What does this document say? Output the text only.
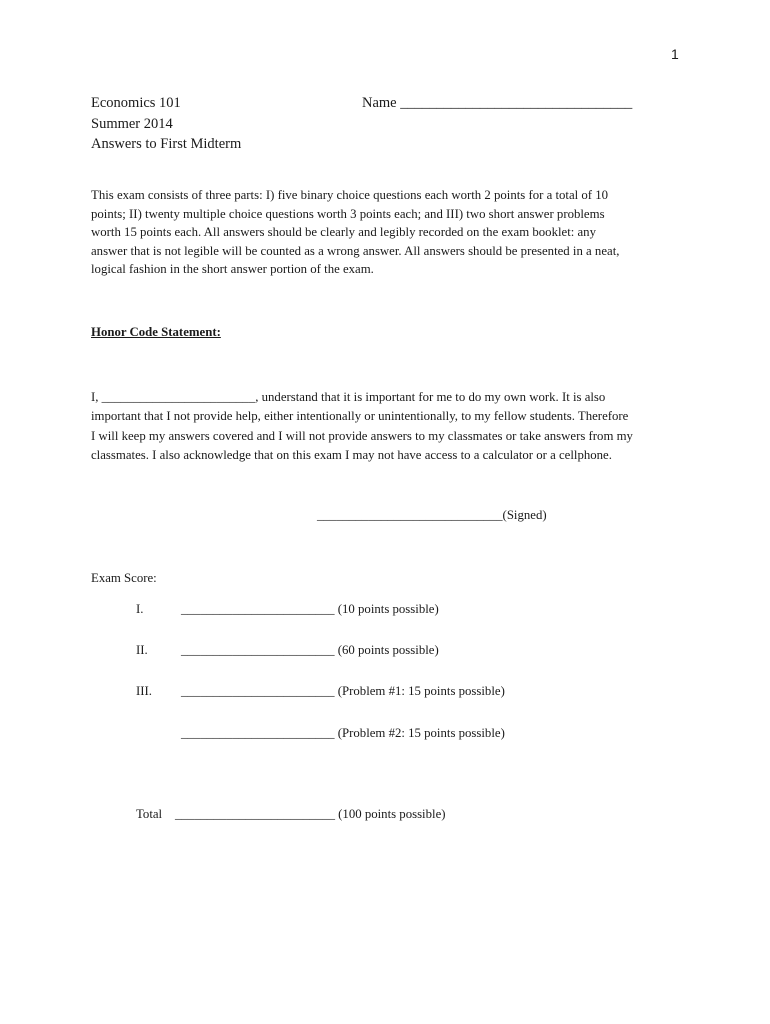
1
Economics 101
Summer 2014
Answers to First Midterm
Name ________________________________
This exam consists of three parts: I) five binary choice questions each worth 2 points for a total of 10
points; II) twenty multiple choice questions worth 3 points each; and III) two short answer problems
worth 15 points each. All answers should be clearly and legibly recorded on the exam booklet: any
answer that is not legible will be counted as a wrong answer. All answers should be presented in a neat,
logical fashion in the short answer portion of the exam.
Honor Code Statement:
I, ________________________, understand that it is important for me to do my own work. It is also
important that I not provide help, either intentionally or unintentionally, to my fellow students. Therefore
I will keep my answers covered and I will not provide answers to my classmates or take answers from my
classmates. I also acknowledge that on this exam I may not have access to a calculator or a cellphone.
_____________________________(Signed)
Exam Score:
I.	________________________ (10 points possible)
II.	________________________ (60 points possible)
III. ________________________ (Problem #1: 15 points possible)
________________________ (Problem #2: 15 points possible)
Total _________________________ (100 points possible)
